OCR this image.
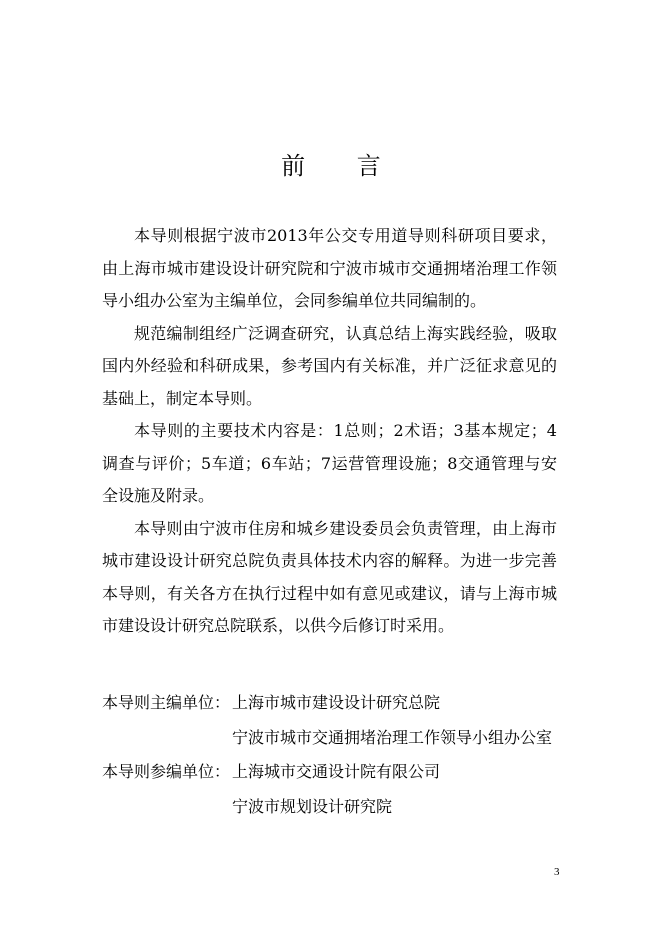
前 言

本导则根据宁波市2013年公交专用道导则科研项目要求，由上海市城市建设设计研究院和宁波市城市交通拥堵治理工作领导小组办公室为主编单位，会同参编单位共同编制的。

规范编制组经广泛调查研究，认真总结上海实践经验，吸取国内外经验和科研成果，参考国内有关标准，并广泛征求意见的基础上，制定本导则。

本导则的主要技术内容是：1总则；2术语；3基本规定；4调查与评价；5车道；6车站；7运营管理设施；8交通管理与安全设施及附录。

本导则由宁波市住房和城乡建设委员会负责管理，由上海市城市建设设计研究总院负责具体技术内容的解释。为进一步完善本导则，有关各方在执行过程中如有意见或建议，请与上海市城市建设设计研究总院联系，以供今后修订时采用。

本导则主编单位： 上海市城市建设设计研究总院
宁波市城市交通拥堵治理工作领导小组办公室
本导则参编单位： 上海城市交通设计院有限公司
宁波市规划设计研究院
3
